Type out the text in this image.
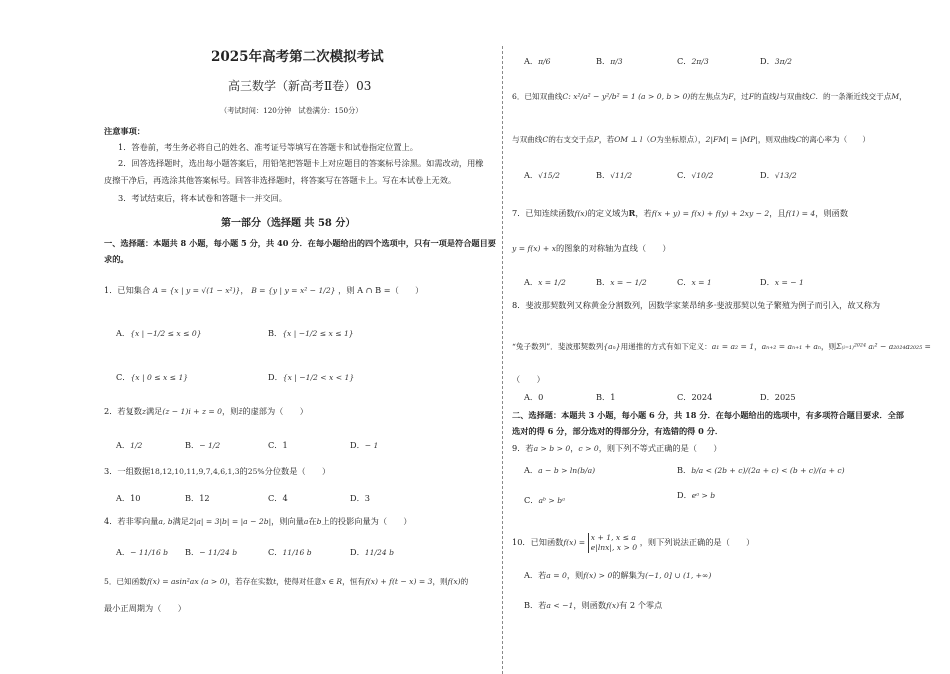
2025年高考第二次模拟考试
高三数学（新高考Ⅱ卷）03
（考试时间：120分钟　试卷满分：150分）
注意事项：
1．答卷前，考生务必将自己的姓名、准考证号等填写在答题卡和试卷指定位置上。
2．回答选择题时，选出每小题答案后，用铅笔把答题卡上对应题目的答案标号涂黑。如需改动，用橡
皮擦干净后，再选涂其他答案标号。回答非选择题时，将答案写在答题卡上。写在本试卷上无效。
3．考试结束后，将本试卷和答题卡一并交回。
第一部分（选择题 共 58 分）
一、选择题：本题共 8 小题，每小题 5 分，共 40 分．在每小题给出的四个选项中，只有一项是符合题目要
求的。
1．已知集合 A = {x | y = √(1 − x²)}， B = {y | y = x² − 1/2} ，则 A ∩ B =（　　）
A．{x | −1/2 ≤ x ≤ 0}	B．{x | −1/2 ≤ x ≤ 1}
C．{x | 0 ≤ x ≤ 1}	D．{x | −1/2 < x < 1}
2．若复数z满足(z − 1)i + z = 0，则z̄的虚部为（　　）
A．1/2	B．− 1/2	C．1	D．− 1
3．一组数据18,12,10,11,9,7,4,6,1,3的25%分位数是（　　）
A．10	B．12	C．4	D．3
4．若非零向量a, b满足2|a| = 3|b| = |a − 2b|，则向量a在b上的投影向量为（　　）
A．− 11/16 b B．− 11/24 b	C．11/16 b	D．11/24 b
5．已知函数f(x) = asin²ax (a > 0)，若存在实数t，使得对任意x ∈ R，恒有f(x) + f(t − x) = 3，则f(x)的
最小正周期为（　　）
A．π/6	B．π/3	C．2π/3	D．3π/2
6．已知双曲线C: x²/a² − y²/b² = 1 (a > 0, b > 0)的左焦点为F，过F的直线l与双曲线C．的一条渐近线交于点M，
与双曲线C的右支交于点P，若OM ⊥ l（O为坐标原点），2|FM| = |MP|，则双曲线C的离心率为（　　）
A．√15/2	B．√11/2	C．√10/2	D．√13/2
7．已知连续函数f(x)的定义域为R，若f(x + y) = f(x) + f(y) + 2xy − 2，且f(1) = 4，则函数
y = f(x) + x的图象的对称轴为直线（　　）
A．x = 1/2	B．x = − 1/2	C．x = 1	D．x = − 1
8．斐波那契数列又称黄金分割数列，因数学家莱昂纳多·斐波那契以兔子繁殖为例子而引入，故又称为
“兔子数列”．斐波那契数列{aₙ}用递推的方式有如下定义：a₁ = a₂ = 1，aₙ₊₂ = aₙ₊₁ + aₙ，则Σ₍ᵢ₌₁₎²⁰²⁴ aᵢ² − a₂₀₂₄a₂₀₂₅ =
（　　）
A．0	B．1	C．2024	D．2025
二、选择题：本题共 3 小题，每小题 6 分，共 18 分．在每小题给出的选项中，有多项符合题目要求．全部
选对的得 6 分，部分选对的得部分分，有选错的得 0 分．
9．若a > b > 0，c > 0，则下列不等式正确的是（　　）
A．a − b > ln(b/a)	B．b/a < (2b + c)/(2a + c) < (b + c)/(a + c)
C．aᵇ > bᵃ
D．eᵃ > b
10．已知函数f(x) =
x + 1, x ≤ a
e|lnx|, x > 0
，则下列说法正确的是（　　）
A．若a = 0，则f(x) > 0的解集为(−1, 0] ∪ (1, +∞)
B．若a < −1，则函数f(x)有 2 个零点
